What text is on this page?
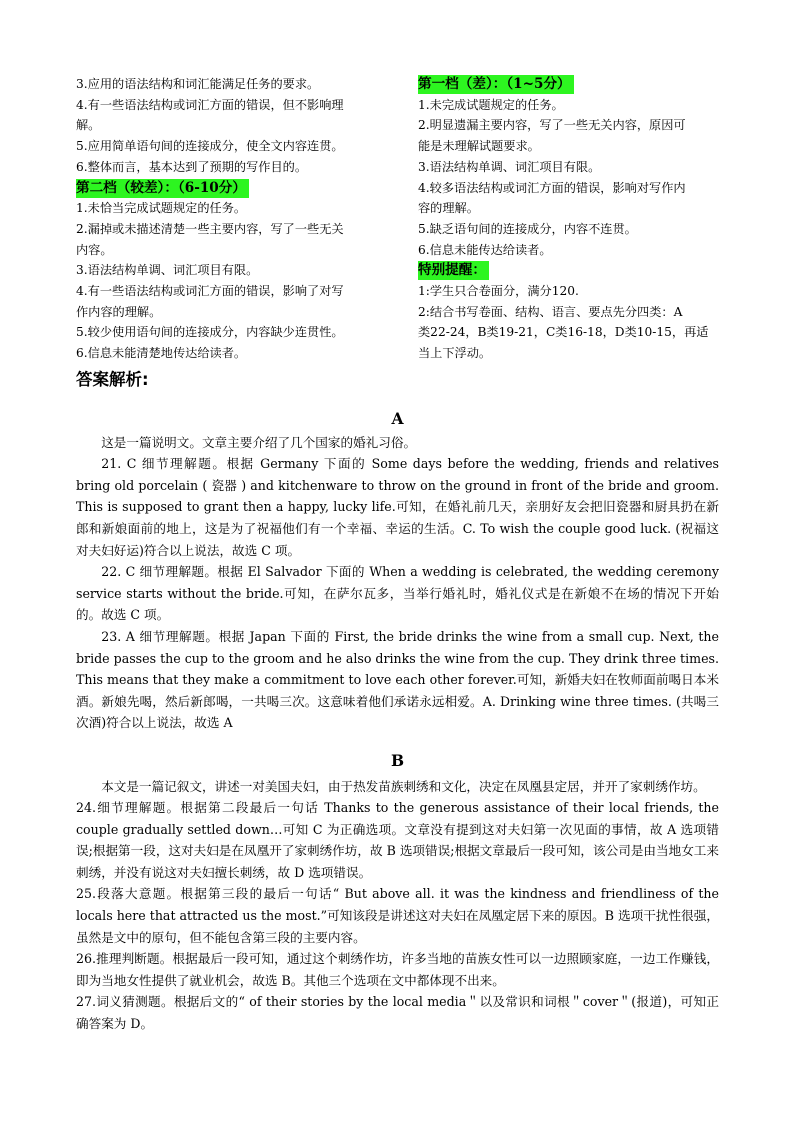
3.应用的语法结构和词汇能满足任务的要求。
4.有一些语法结构或词汇方面的错误，但不影响理
解。
5.应用简单语句间的连接成分，使全文内容连贯。
6.整体而言，基本达到了预期的写作目的。
第二档（较差）：（6-10分）
1.未恰当完成试题规定的任务。
2.漏掉或未描述清楚一些主要内容，写了一些无关
内容。
3.语法结构单调、词汇项目有限。
4.有一些语法结构或词汇方面的错误，影响了对写
作内容的理解。
5.较少使用语句间的连接成分，内容缺少连贯性。
6.信息未能清楚地传达给读者。
第一档（差）：（1~5分）
1.未完成试题规定的任务。
2.明显遗漏主要内容，写了一些无关内容，原因可
能是未理解试题要求。
3.语法结构单调、词汇项目有限。
4.较多语法结构或词汇方面的错误，影响对写作内
容的理解。
5.缺乏语句间的连接成分，内容不连贯。
6.信息未能传达给读者。
特别提醒：
1:学生只合卷面分，满分120.
2:结合书写卷面、结构、语言、要点先分四类：A
类22-24，B类19-21，C类16-18，D类10-15，再适
当上下浮动。
答案解析:
A

这是一篇说明文。文章主要介绍了几个国家的婚礼习俗。

21. C 细节理解题。根据 Germany 下面的 Some days before the wedding, friends and relatives bring old porcelain ( 瓷器 ) and kitchenware to throw on the ground in front of the bride and groom. This is supposed to grant then a happy, lucky life.可知，在婚礼前几天，亲朋好友会把旧瓷器和厨具扔在新郎和新娘面前的地上，这是为了祝福他们有一个幸福、幸运的生活。C. To wish the couple good luck. (祝福这对夫妇好运)符合以上说法，故选 C 项。

22. C 细节理解题。根据 El Salvador 下面的 When a wedding is celebrated, the wedding ceremony service starts without the bride.可知，在萨尔瓦多，当举行婚礼时，婚礼仪式是在新娘不在场的情况下开始的。故选 C 项。

23. A 细节理解题。根据 Japan 下面的 First, the bride drinks the wine from a small cup. Next, the bride passes the cup to the groom and he also drinks the wine from the cup. They drink three times. This means that they make a commitment to love each other forever.可知，新婚夫妇在牧师面前喝日本米酒。新娘先喝，然后新郎喝，一共喝三次。这意味着他们承诺永远相爱。A. Drinking wine three times. (共喝三次酒)符合以上说法，故选 A

B

本文是一篇记叙文，讲述一对美国夫妇，由于热发苗族刺绣和文化，决定在凤凰县定居，并开了家刺绣作坊。

24.细节理解题。根据第二段最后一句话 Thanks to the generous assistance of their local friends, the couple gradually settled down…可知 C 为正确选项。文章没有提到这对夫妇第一次见面的事情，故 A 选项错误;根据第一段，这对夫妇是在凤凰开了家刺绣作坊，故 B 选项错误;根据文章最后一段可知，该公司是由当地女工来刺绣，并没有说这对夫妇擅长刺绣，故 D 选项错误。

25.段落大意题。根据第三段的最后一句话“ But above all. it was the kindness and friendliness of the locals here that attracted us the most.”可知该段是讲述这对夫妇在凤凰定居下来的原因。B 选项干扰性很强，虽然是文中的原句，但不能包含第三段的主要内容。

26.推理判断题。根据最后一段可知，通过这个刺绣作坊，许多当地的苗族女性可以一边照顾家庭，一边工作赚钱，即为当地女性提供了就业机会，故选 B。其他三个选项在文中都体现不出来。

27.词义猜测题。根据后文的“ of their stories by the local media＂以及常识和词根＂cover＂(报道)，可知正确答案为 D。
